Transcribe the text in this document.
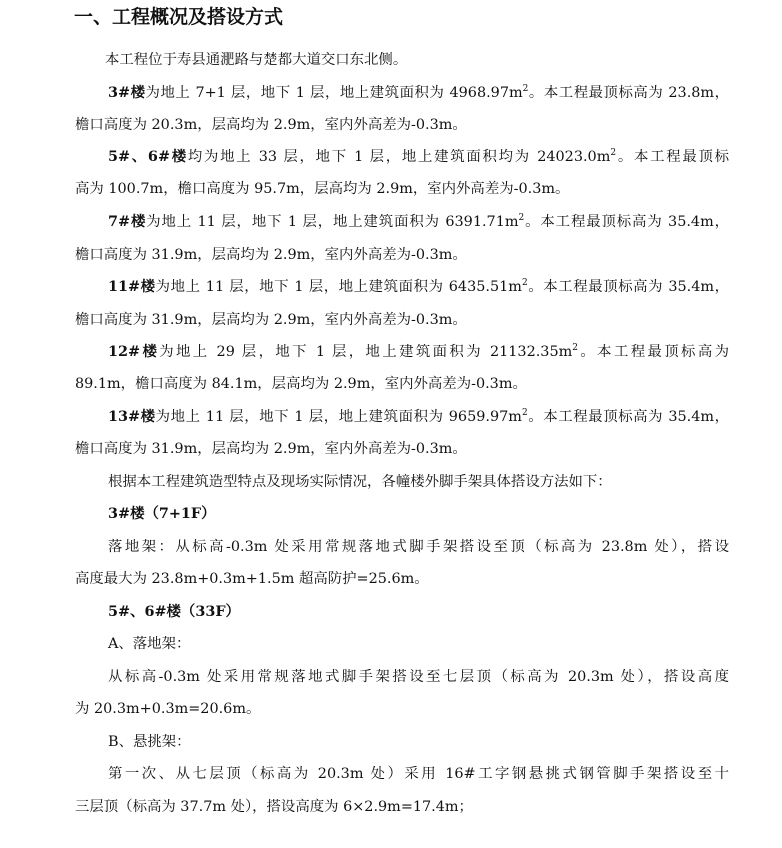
一、工程概况及搭设方式
本工程位于寿县通淝路与楚都大道交口东北侧。
3#楼为地上 7+1 层，地下 1 层，地上建筑面积为 $4968.97m^2$。本工程最顶标高为 23.8m，
檐口高度为 20.3m，层高均为 2.9m，室内外高差为-0.3m。
5#、6#楼均为地上 33 层，地下 1 层，地上建筑面积均为 $24023.0m^2$。本工程最顶标
高为 100.7m，檐口高度为 95.7m，层高均为 2.9m，室内外高差为-0.3m。
7#楼为地上 11 层，地下 1 层，地上建筑面积为 $6391.71m^2$。本工程最顶标高为 35.4m，
檐口高度为 31.9m，层高均为 2.9m，室内外高差为-0.3m。
11#楼为地上 11 层，地下 1 层，地上建筑面积为 $6435.51m^2$。本工程最顶标高为 35.4m，
檐口高度为 31.9m，层高均为 2.9m，室内外高差为-0.3m。
12#楼为地上 29 层，地下 1 层，地上建筑面积为 $21132.35m^2$。本工程最顶标高为
89.1m，檐口高度为 84.1m，层高均为 2.9m，室内外高差为-0.3m。
13#楼为地上 11 层，地下 1 层，地上建筑面积为 $9659.97m^2$。本工程最顶标高为 35.4m，
檐口高度为 31.9m，层高均为 2.9m，室内外高差为-0.3m。
根据本工程建筑造型特点及现场实际情况，各幢楼外脚手架具体搭设方法如下：
3#楼（7+1F）
落地架：从标高-0.3m 处采用常规落地式脚手架搭设至顶（标高为 23.8m 处），搭设
高度最大为 23.8m+0.3m+1.5m 超高防护=25.6m。
5#、6#楼（33F）
A、落地架：
从标高-0.3m 处采用常规落地式脚手架搭设至七层顶（标高为 20.3m 处），搭设高度
为 20.3m+0.3m=20.6m。
B、悬挑架：
第一次、从七层顶（标高为 20.3m 处）采用 16#工字钢悬挑式钢管脚手架搭设至十
三层顶（标高为 37.7m 处），搭设高度为 6×2.9m=17.4m；
